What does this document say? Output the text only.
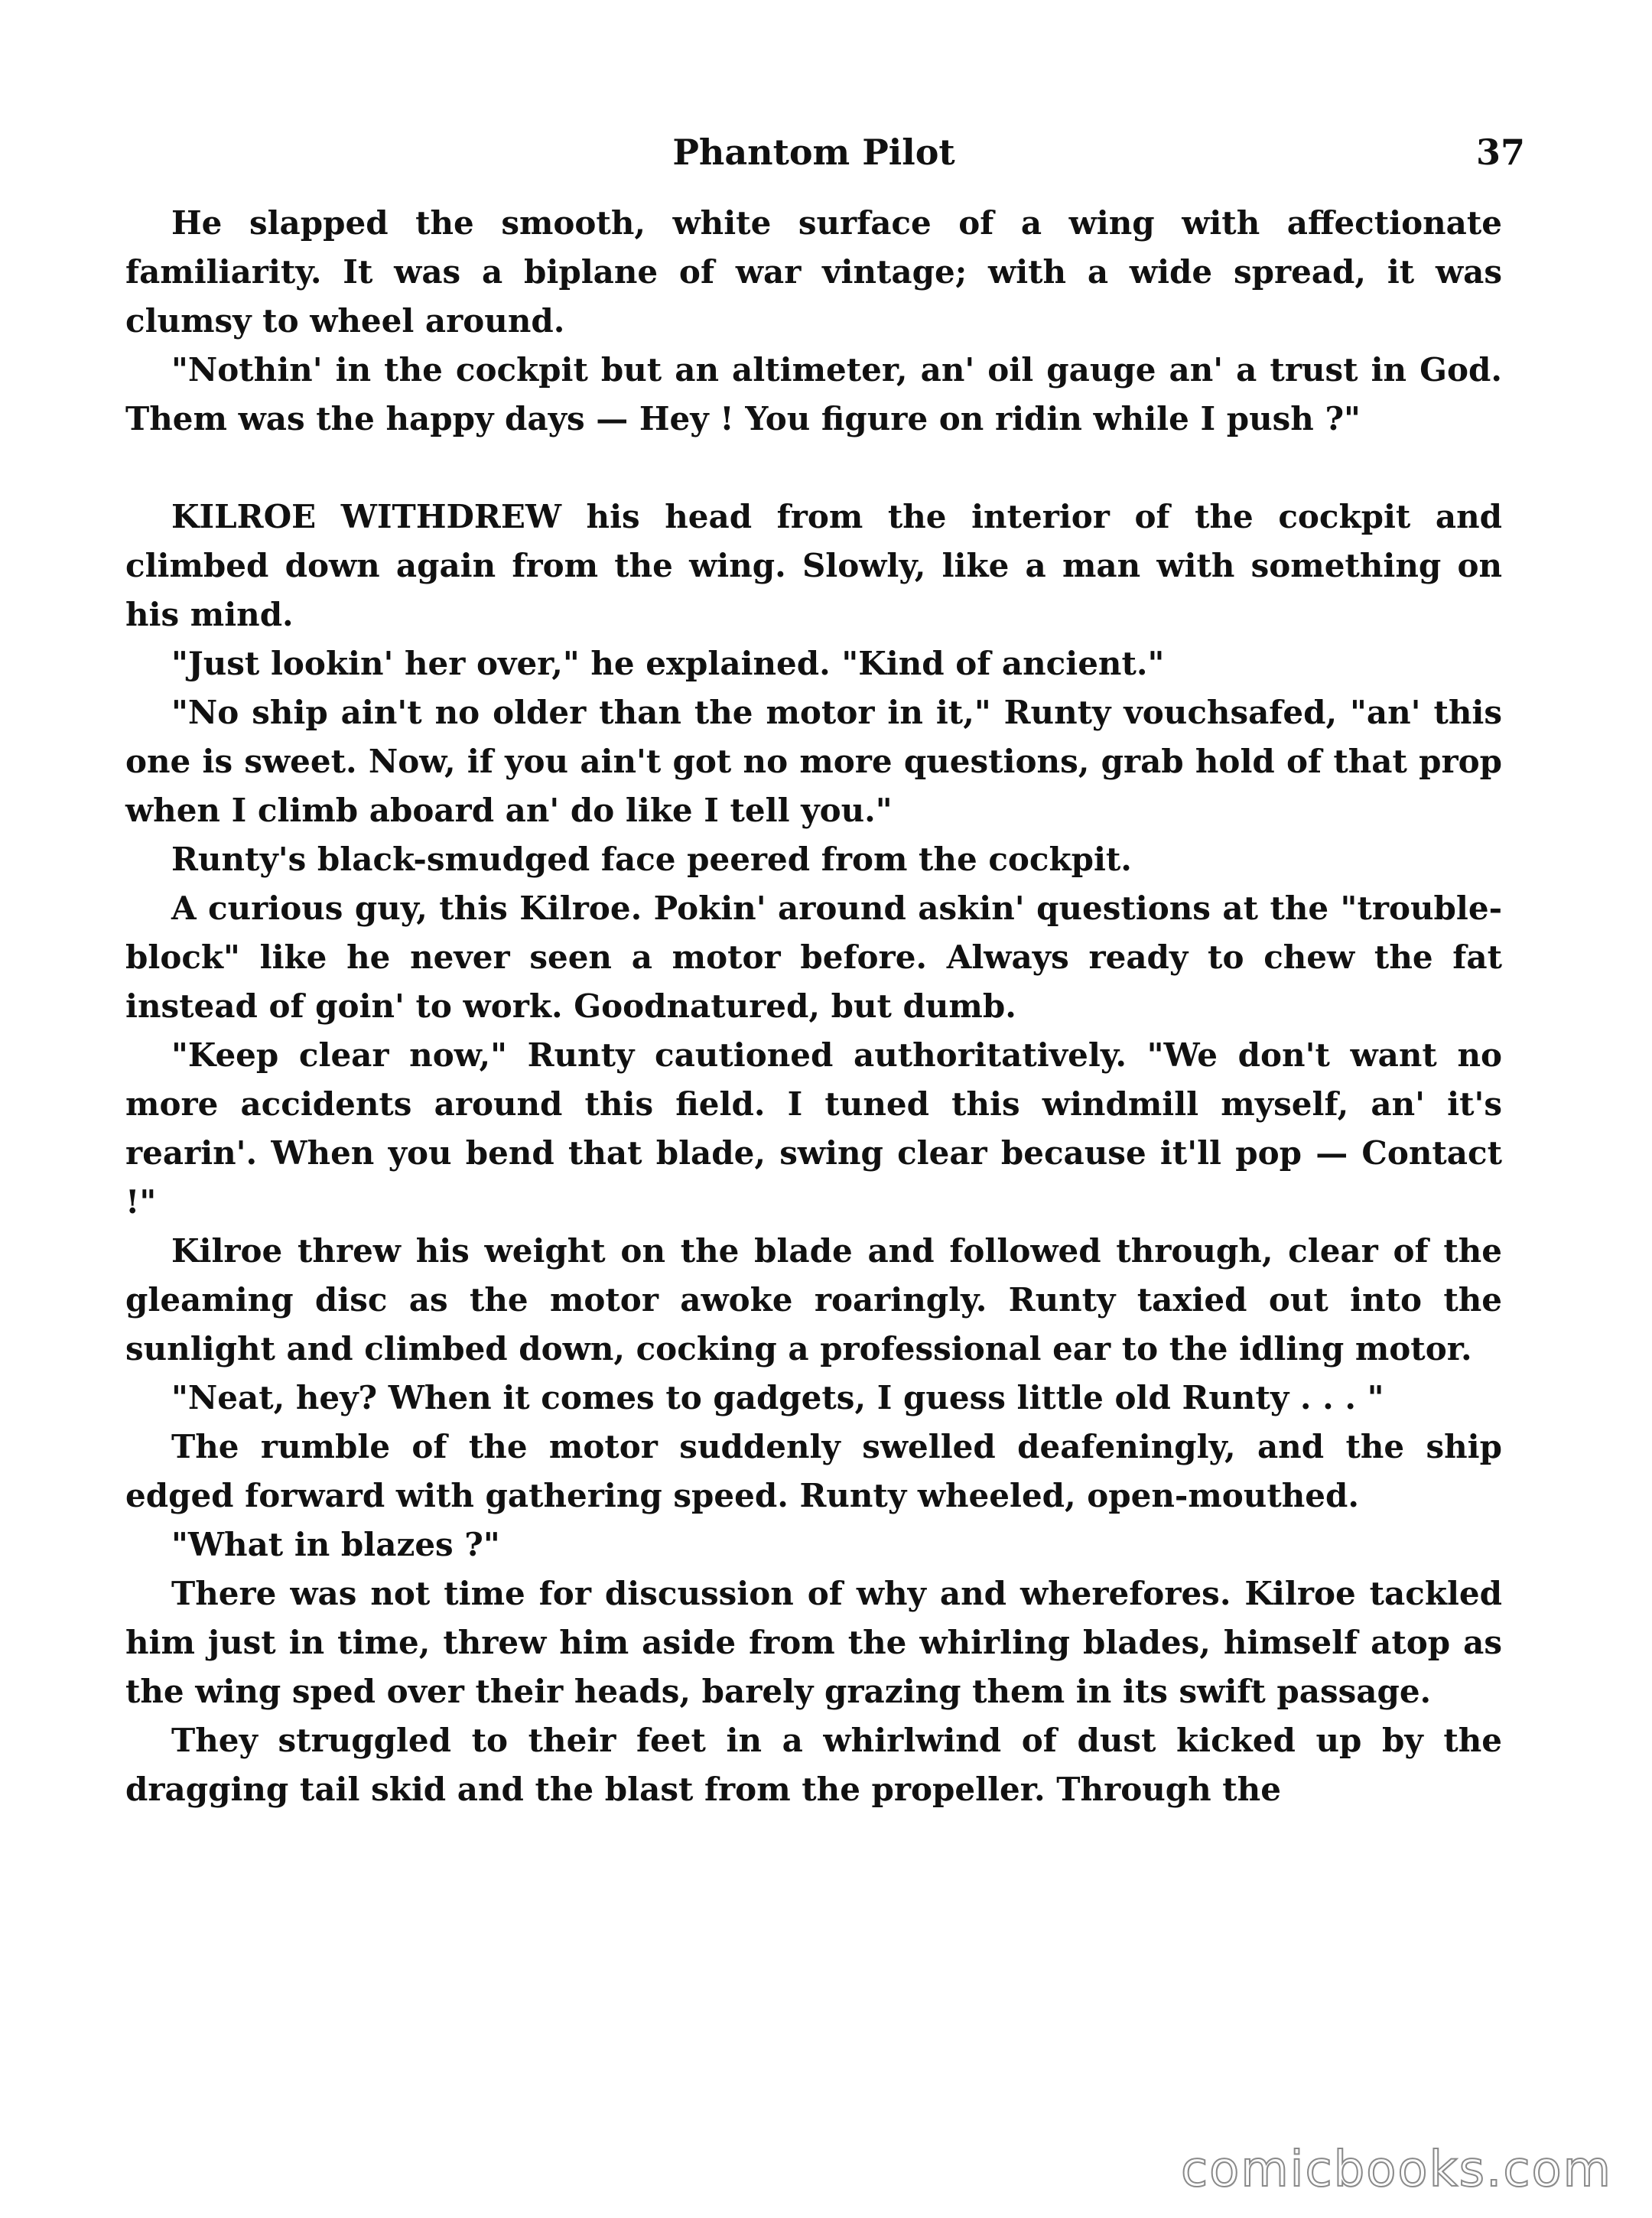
Phantom Pilot	37

He slapped the smooth, white surface of a wing with affectionate familiarity. It was a biplane of war vintage; with a wide spread, it was clumsy to wheel around.

"Nothin' in the cockpit but an altimeter, an' oil gauge an' a trust in God. Them was the happy days — Hey ! You figure on ridin while I push ?"

KILROE WITHDREW his head from the interior of the cockpit and climbed down again from the wing. Slowly, like a man with something on his mind.

"Just lookin' her over," he explained. "Kind of ancient."

"No ship ain't no older than the motor in it," Runty vouchsafed, "an' this one is sweet. Now, if you ain't got no more questions, grab hold of that prop when I climb aboard an' do like I tell you."

Runty's black-smudged face peered from the cockpit.

A curious guy, this Kilroe. Pokin' around askin' questions at the "trouble-block" like he never seen a motor before. Always ready to chew the fat instead of goin' to work. Goodnatured, but dumb.

"Keep clear now," Runty cautioned authoritatively. "We don't want no more accidents around this field. I tuned this windmill myself, an' it's rearin'. When you bend that blade, swing clear because it'll pop — Contact !"

Kilroe threw his weight on the blade and followed through, clear of the gleaming disc as the motor awoke roaringly. Runty taxied out into the sunlight and climbed down, cocking a professional ear to the idling motor.

"Neat, hey? When it comes to gadgets, I guess little old Runty . . . "

The rumble of the motor suddenly swelled deafeningly, and the ship edged forward with gathering speed. Runty wheeled, open-mouthed.

"What in blazes ?"

There was not time for discussion of why and wherefores. Kilroe tackled him just in time, threw him aside from the whirling blades, himself atop as the wing sped over their heads, barely grazing them in its swift passage.

They struggled to their feet in a whirlwind of dust kicked up by the dragging tail skid and the blast from the propeller. Through the

comicbooks.com
